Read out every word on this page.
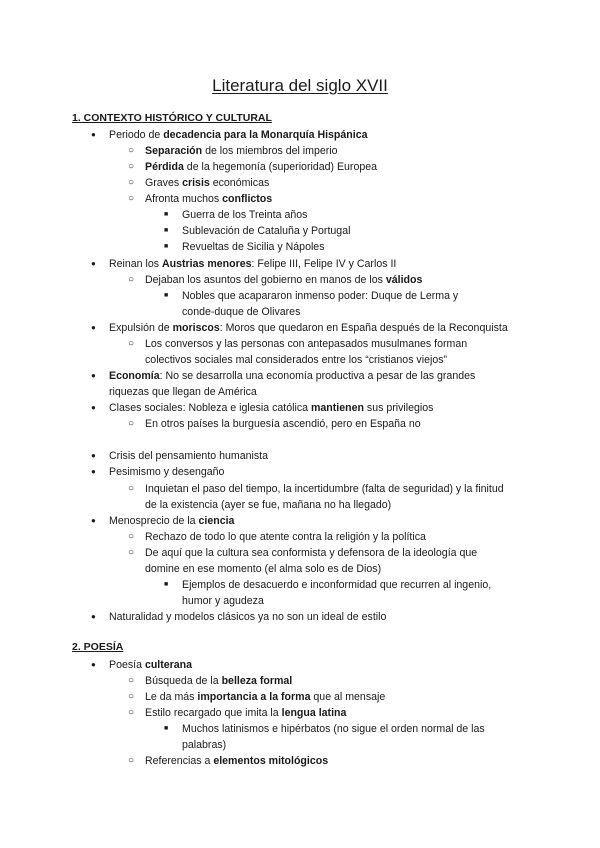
Literatura del siglo XVII
1. CONTEXTO HISTÓRICO Y CULTURAL
2. POESÍA
● Periodo de decadencia para la Monarquía Hispánica
○ Separación de los miembros del imperio
○ Pérdida de la hegemonía (superioridad) Europea
○ Graves crisis económicas
○ Afronta muchos conflictos
■ Guerra de los Treinta años
■ Sublevación de Cataluña y Portugal
■ Revueltas de Sicilia y Nápoles
● Reinan los Austrias menores: Felipe III, Felipe IV y Carlos II
○ Dejaban los asuntos del gobierno en manos de los válidos
■ Nobles que acapararon inmenso poder: Duque de Lerma y
conde-duque de Olivares
● Expulsión de moriscos: Moros que quedaron en España después de la Reconquista
○ Los conversos y las personas con antepasados musulmanes forman
colectivos sociales mal considerados entre los “cristianos viejos”
● Economía: No se desarrolla una economía productiva a pesar de las grandes
riquezas que llegan de América
● Clases sociales: Nobleza e iglesia católica mantienen sus privilegios
○ En otros países la burguesía ascendió, pero en España no
● Crisis del pensamiento humanista
● Pesimismo y desengaño
○ Inquietan el paso del tiempo, la incertidumbre (falta de seguridad) y la finitud
de la existencia (ayer se fue, mañana no ha llegado)
● Menosprecio de la ciencia
○ Rechazo de todo lo que atente contra la religión y la política
○ De aquí que la cultura sea conformista y defensora de la ideología que
domine en ese momento (el alma solo es de Dios)
■ Ejemplos de desacuerdo e inconformidad que recurren al ingenio,
humor y agudeza
● Naturalidad y modelos clásicos ya no son un ideal de estilo
● Poesía culterana
○ Búsqueda de la belleza formal
○ Le da más importancia a la forma que al mensaje
○ Estilo recargado que imita la lengua latina
■ Muchos latinismos e hipérbatos (no sigue el orden normal de las
palabras)
○ Referencias a elementos mitológicos
